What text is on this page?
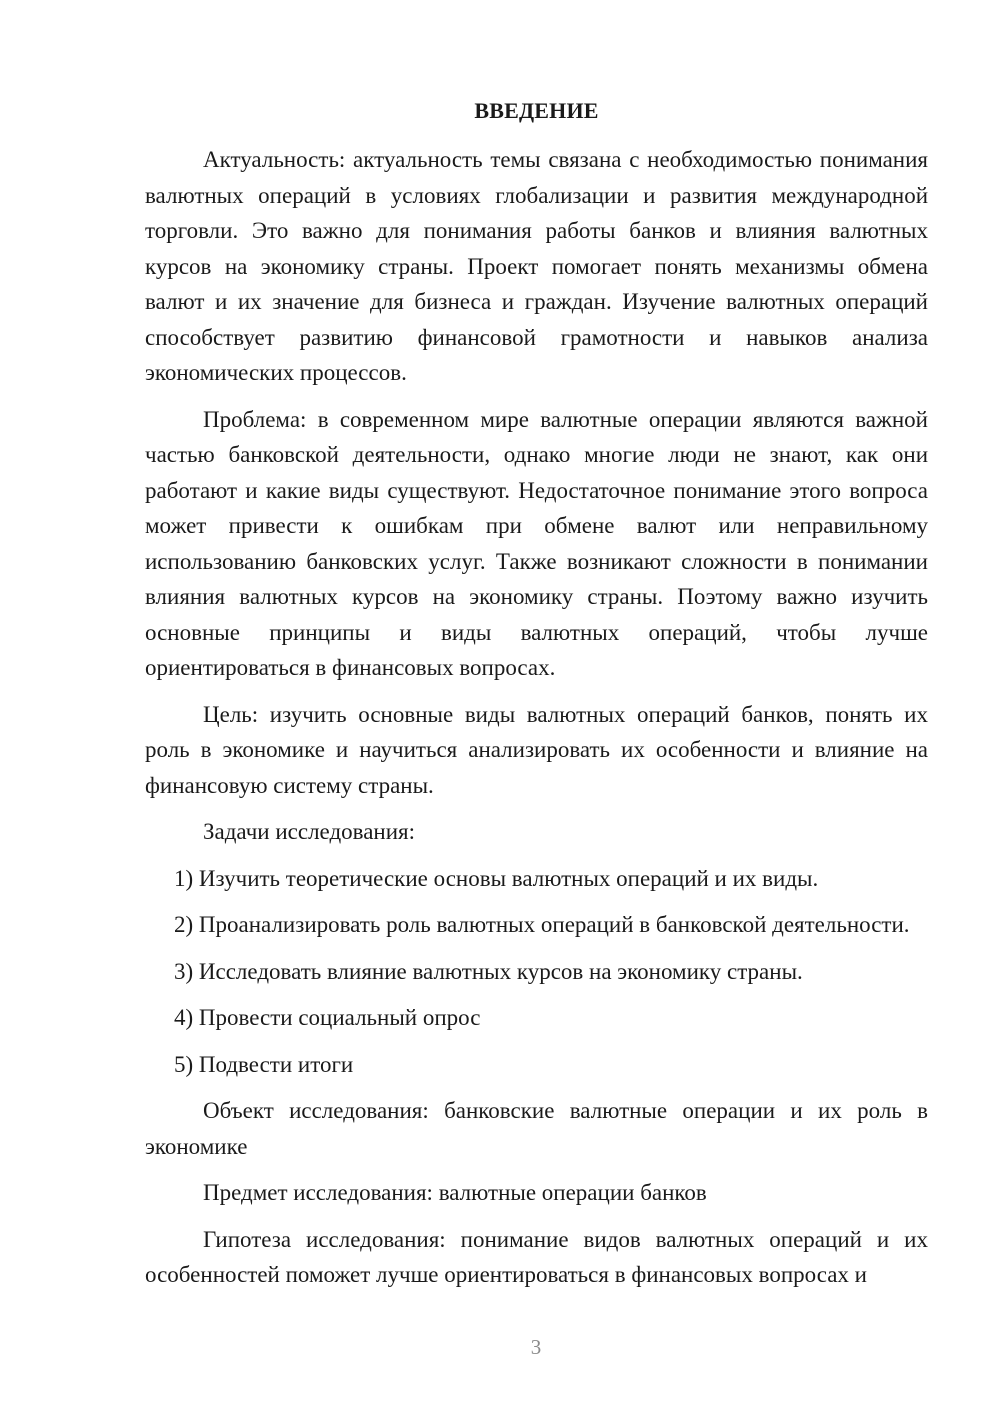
ВВЕДЕНИЕ

Актуальность: актуальность темы связана с необходимостью понимания валютных операций в условиях глобализации и развития международной торговли. Это важно для понимания работы банков и влияния валютных курсов на экономику страны. Проект помогает понять механизмы обмена валют и их значение для бизнеса и граждан. Изучение валютных операций способствует развитию финансовой грамотности и навыков анализа экономических процессов.

Проблема: в современном мире валютные операции являются важной частью банковской деятельности, однако многие люди не знают, как они работают и какие виды существуют. Недостаточное понимание этого вопроса может привести к ошибкам при обмене валют или неправильному использованию банковских услуг. Также возникают сложности в понимании влияния валютных курсов на экономику страны. Поэтому важно изучить основные принципы и виды валютных операций, чтобы лучше ориентироваться в финансовых вопросах.

Цель: изучить основные виды валютных операций банков, понять их роль в экономике и научиться анализировать их особенности и влияние на финансовую систему страны.

Задачи исследования:

1) Изучить теоретические основы валютных операций и их виды.

2) Проанализировать роль валютных операций в банковской деятельности.

3) Исследовать влияние валютных курсов на экономику страны.

4) Провести социальный опрос

5) Подвести итоги

Объект исследования: банковские валютные операции и их роль в экономике

Предмет исследования: валютные операции банков

Гипотеза исследования: понимание видов валютных операций и их особенностей поможет лучше ориентироваться в финансовых вопросах и

3
